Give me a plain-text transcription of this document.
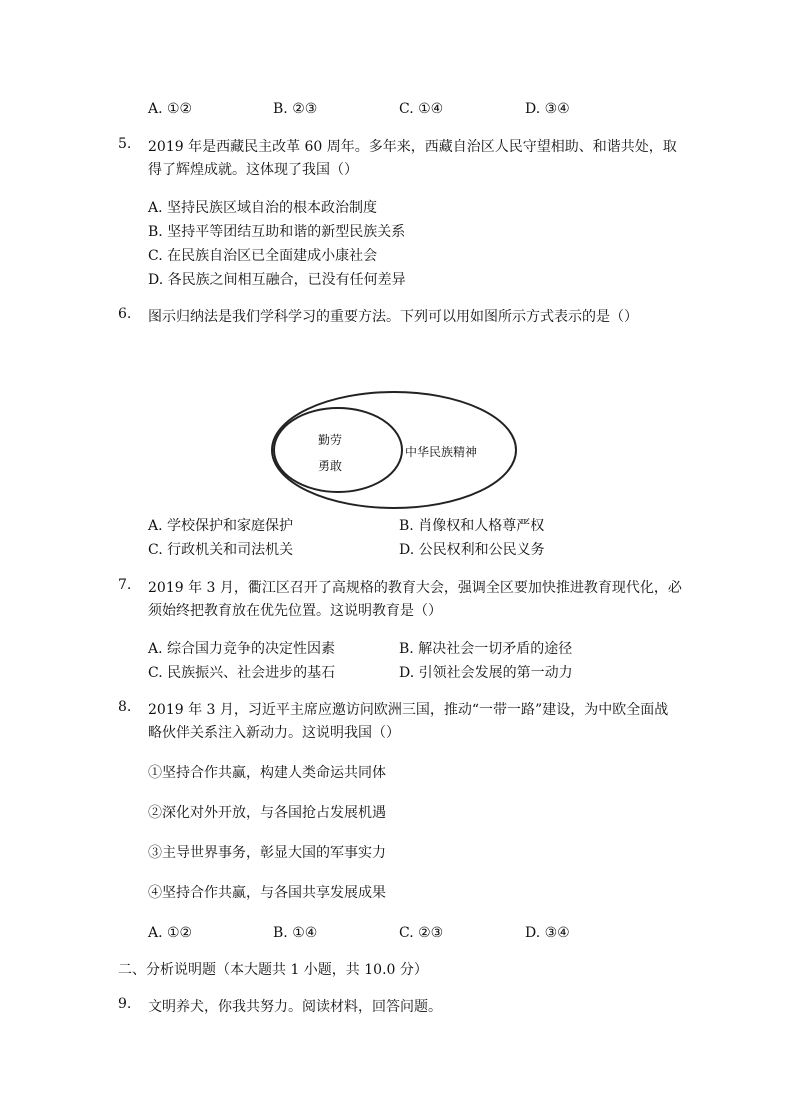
A. ①②	B. ②③	C. ①④	D. ③④
5. 2019 年是西藏民主改革 60 周年。多年来，西藏自治区人民守望相助、和谐共处，取
得了辉煌成就。这体现了我国（）
A. 坚持民族区域自治的根本政治制度
B. 坚持平等团结互助和谐的新型民族关系
C. 在民族自治区已全面建成小康社会
D. 各民族之间相互融合，已没有任何差异
6. 图示归纳法是我们学科学习的重要方法。下列可以用如图所示方式表示的是（）
勤劳
勇敢
中华民族精神
A. 学校保护和家庭保护	B. 肖像权和人格尊严权
C. 行政机关和司法机关	D. 公民权利和公民义务
7. 2019 年 3 月，衢江区召开了高规格的教育大会，强调全区要加快推进教育现代化，必
须始终把教育放在优先位置。这说明教育是（）
A. 综合国力竞争的决定性因素	B. 解决社会一切矛盾的途径
C. 民族振兴、社会进步的基石	D. 引领社会发展的第一动力
8. 2019 年 3 月，习近平主席应邀访问欧洲三国，推动“一带一路”建设，为中欧全面战
略伙伴关系注入新动力。这说明我国（）
①坚持合作共赢，构建人类命运共同体
②深化对外开放，与各国抢占发展机遇
③主导世界事务，彰显大国的军事实力
④坚持合作共赢，与各国共享发展成果
A. ①②	B. ①④	C. ②③	D. ③④
二、分析说明题（本大题共 1 小题，共 10.0 分）
9. 文明养犬，你我共努力。阅读材料，回答问题。
